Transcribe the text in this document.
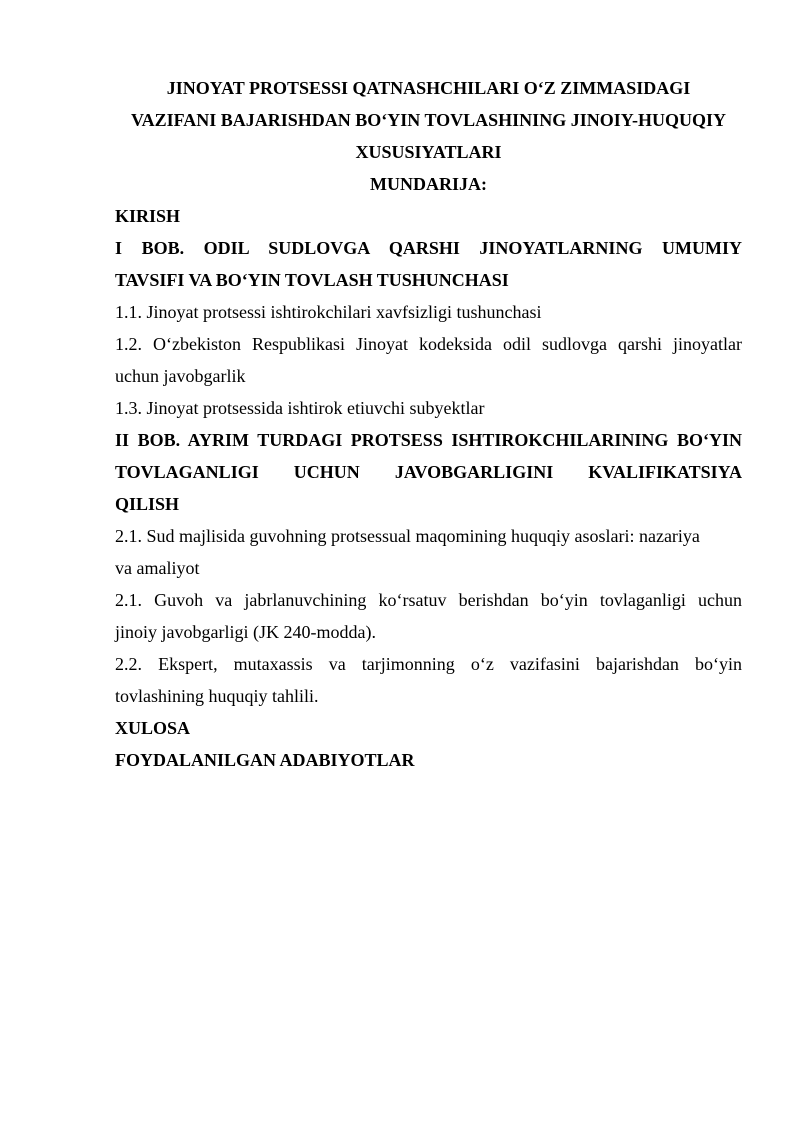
JINOYAT PROTSESSI QATNASHCHILARI O‘Z ZIMMASIDAGI

VAZIFANI BAJARISHDAN BO‘YIN TOVLASHINING JINOIY-HUQUQIY

XUSUSIYATLARI

MUNDARIJA:

KIRISH

I BOB. ODIL SUDLOVGA QARSHI JINOYATLARNING UMUMIY

TAVSIFI VA BO‘YIN TOVLASH TUSHUNCHASI

1.1. Jinoyat protsessi ishtirokchilari xavfsizligi tushunchasi

1.2. O‘zbekiston Respublikasi Jinoyat kodeksida odil sudlovga qarshi jinoyatlar

uchun javobgarlik

1.3. Jinoyat protsessida ishtirok etiuvchi subyektlar

II BOB. AYRIM TURDAGI PROTSESS ISHTIROKCHILARINING BO‘YIN

TOVLAGANLIGI UCHUN JAVOBGARLIGINI KVALIFIKATSIYA

QILISH

2.1. Sud majlisida guvohning protsessual maqomining huquqiy asoslari: nazariya

va amaliyot

2.1. Guvoh va jabrlanuvchining ko‘rsatuv berishdan bo‘yin tovlaganligi uchun

jinoiy javobgarligi (JK 240-modda).

2.2. Ekspert, mutaxassis va tarjimonning o‘z vazifasini bajarishdan bo‘yin

tovlashining huquqiy tahlili.

XULOSA

FOYDALANILGAN ADABIYOTLAR
